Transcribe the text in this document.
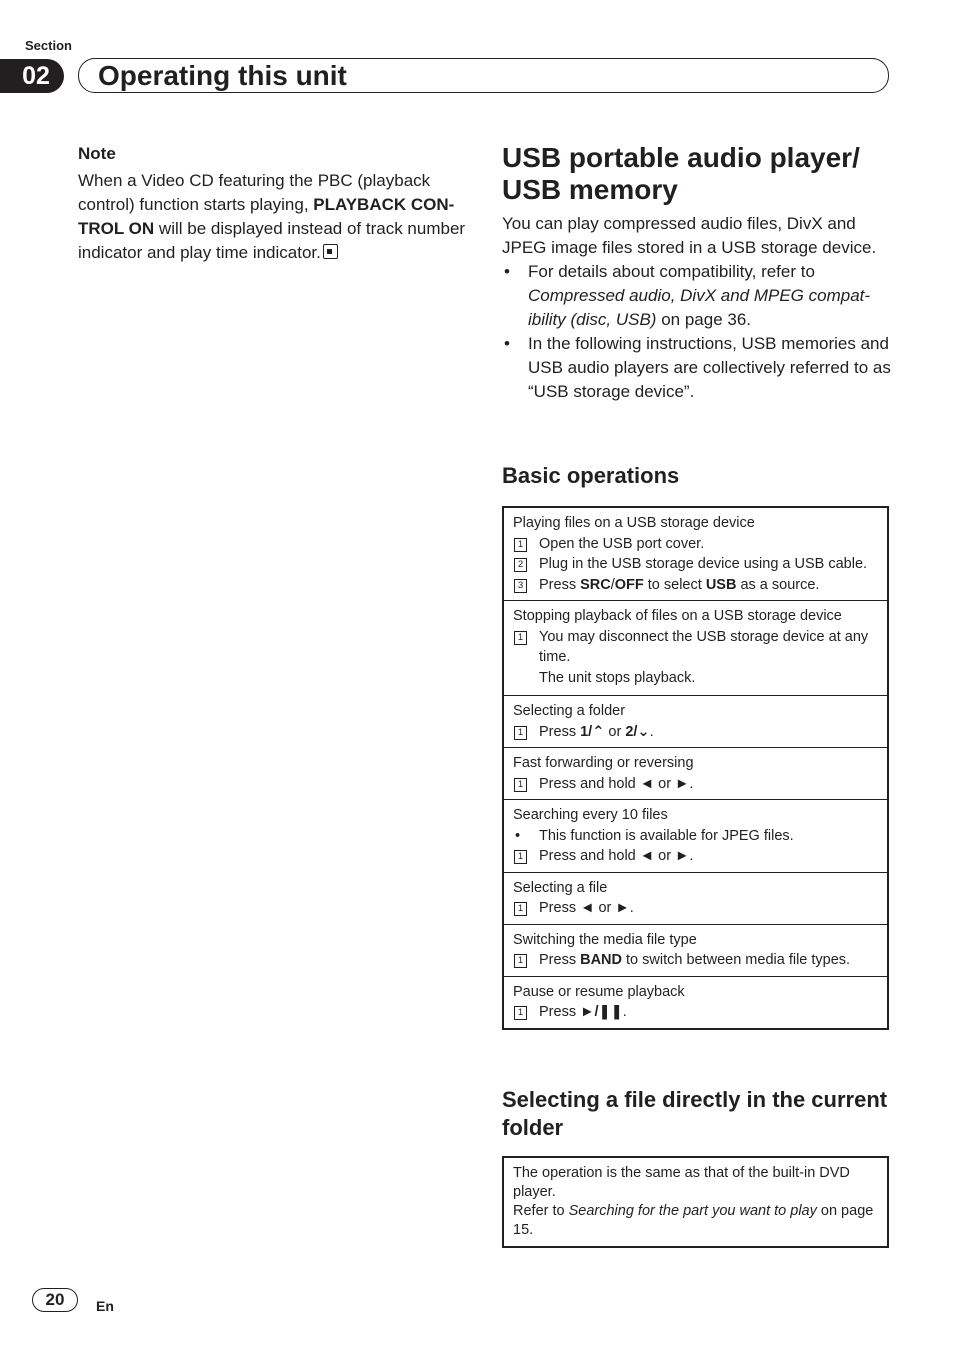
Section
02	Operating this unit
Note
When a Video CD featuring the PBC (playback control) function starts playing, PLAYBACK CONTROL ON will be displayed instead of track number indicator and play time indicator.
USB portable audio player/ USB memory
You can play compressed audio files, DivX and JPEG image files stored in a USB storage device.
• For details about compatibility, refer to Compressed audio, DivX and MPEG compatibility (disc, USB) on page 36.
• In the following instructions, USB memories and USB audio players are collectively referred to as “USB storage device”.
Basic operations
Playing files on a USB storage device
1 Open the USB port cover.
2 Plug in the USB storage device using a USB cable.
3 Press SRC/OFF to select USB as a source.
Stopping playback of files on a USB storage device
1 You may disconnect the USB storage device at any time.
The unit stops playback.
Selecting a folder
1 Press 1/⌃ or 2/⌄.
Fast forwarding or reversing
1 Press and hold ◄ or ►.
Searching every 10 files
• This function is available for JPEG files.
1 Press and hold ◄ or ►.
Selecting a file
1 Press ◄ or ►.
Switching the media file type
1 Press BAND to switch between media file types.
Pause or resume playback
1 Press ►/❚❚.
Selecting a file directly in the current folder
The operation is the same as that of the built-in DVD player.
Refer to Searching for the part you want to play on page 15.
20	En
